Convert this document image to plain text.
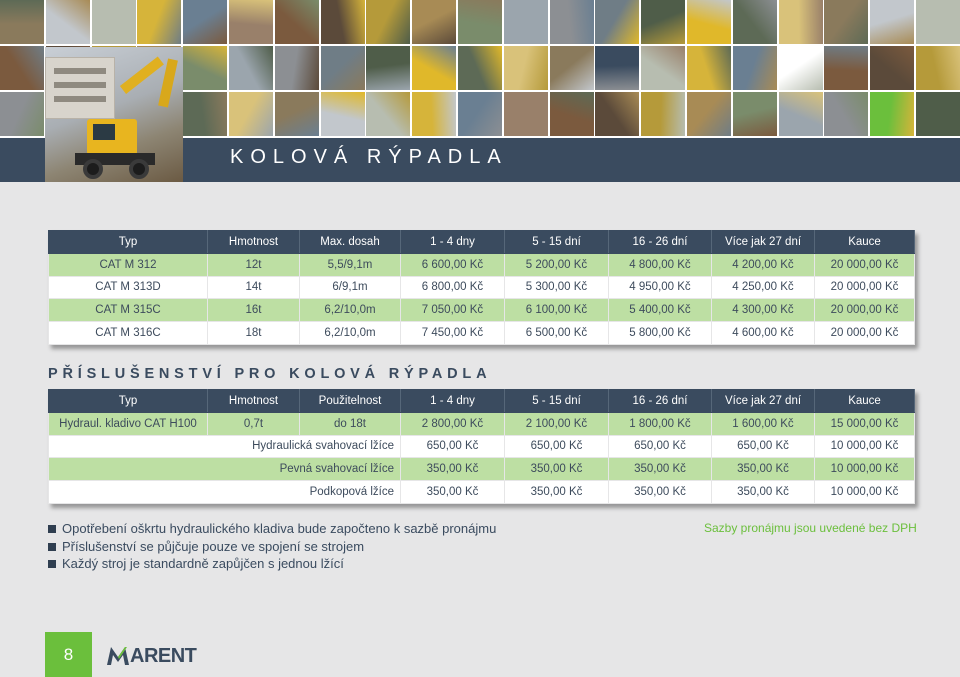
KOLOVÁ RÝPADLA
Typ	Hmotnost	Max. dosah	1 - 4 dny	5 - 15 dní	16 - 26 dní	Více jak 27 dní	Kauce
CAT M 312	12t	5,5/9,1m	6 600,00 Kč	5 200,00 Kč	4 800,00 Kč	4 200,00 Kč	20 000,00 Kč
CAT M 313D	14t	6/9,1m	6 800,00 Kč	5 300,00 Kč	4 950,00 Kč	4 250,00 Kč	20 000,00 Kč
CAT M 315C	16t	6,2/10,0m	7 050,00 Kč	6 100,00 Kč	5 400,00 Kč	4 300,00 Kč	20 000,00 Kč
CAT M 316C	18t	6,2/10,0m	7 450,00 Kč	6 500,00 Kč	5 800,00 Kč	4 600,00 Kč	20 000,00 Kč
PŘÍSLUŠENSTVÍ PRO KOLOVÁ RÝPADLA
Typ	Hmotnost	Použitelnost	1 - 4 dny	5 - 15 dní	16 - 26 dní	Více jak 27 dní	Kauce
Hydraul. kladivo CAT H100	0,7t	do 18t	2 800,00 Kč	2 100,00 Kč	1 800,00 Kč	1 600,00 Kč	15 000,00 Kč
Hydraulická svahovací lžíce			650,00 Kč	650,00 Kč	650,00 Kč	650,00 Kč	10 000,00 Kč
Pevná svahovací lžíce			350,00 Kč	350,00 Kč	350,00 Kč	350,00 Kč	10 000,00 Kč
Podkopová lžíce			350,00 Kč	350,00 Kč	350,00 Kč	350,00 Kč	10 000,00 Kč
Opotřebení oškrtu hydraulického kladiva bude započteno k sazbě pronájmu
Příslušenství se půjčuje pouze ve spojení se strojem
Každý stroj je standardně zapůjčen s jednou lžící
Sazby pronájmu jsou uvedené bez DPH
8	ARENT
